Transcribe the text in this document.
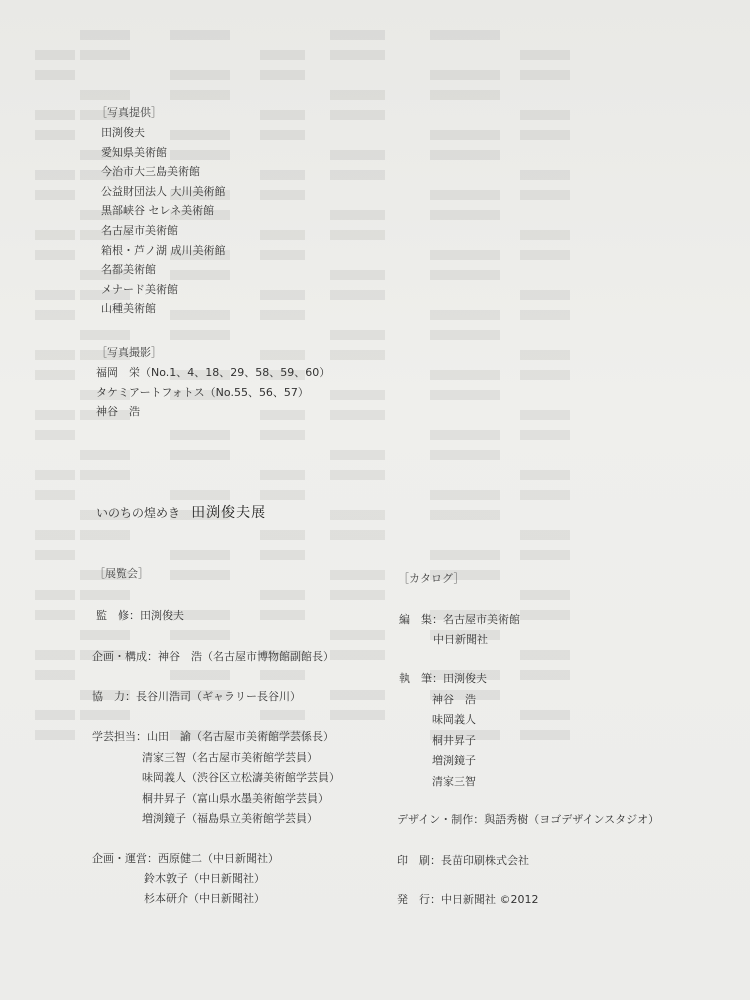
［写真提供］
田渕俊夫
愛知県美術館
今治市大三島美術館
公益財団法人 大川美術館
黒部峡谷 セレネ美術館
名古屋市美術館
箱根・芦ノ湖 成川美術館
名都美術館
メナード美術館
山種美術館
［写真撮影］
福岡　栄（No.1、4、18、29、58、59、60）
タケミアートフォトス（No.55、56、57）
神谷　浩
いのちの煌めき 田渕俊夫展
［展覧会］
監　修：田渕俊夫
企画・構成：神谷　浩（名古屋市博物館副館長）
協　力：長谷川浩司（ギャラリー長谷川）
学芸担当：山田　諭（名古屋市美術館学芸係長）
清家三智（名古屋市美術館学芸員）
味岡義人（渋谷区立松濤美術館学芸員）
桐井昇子（富山県水墨美術館学芸員）
増渕鏡子（福島県立美術館学芸員）
企画・運営：西原健二（中日新聞社）
鈴木敦子（中日新聞社）
杉本研介（中日新聞社）
［カタログ］
編　集：名古屋市美術館
中日新聞社
執　筆：田渕俊夫
神谷　浩
味岡義人
桐井昇子
増渕鏡子
清家三智
デザイン・制作：與語秀樹（ヨゴデザインスタジオ）
印　刷：長苗印刷株式会社
発　行：中日新聞社 ©2012
